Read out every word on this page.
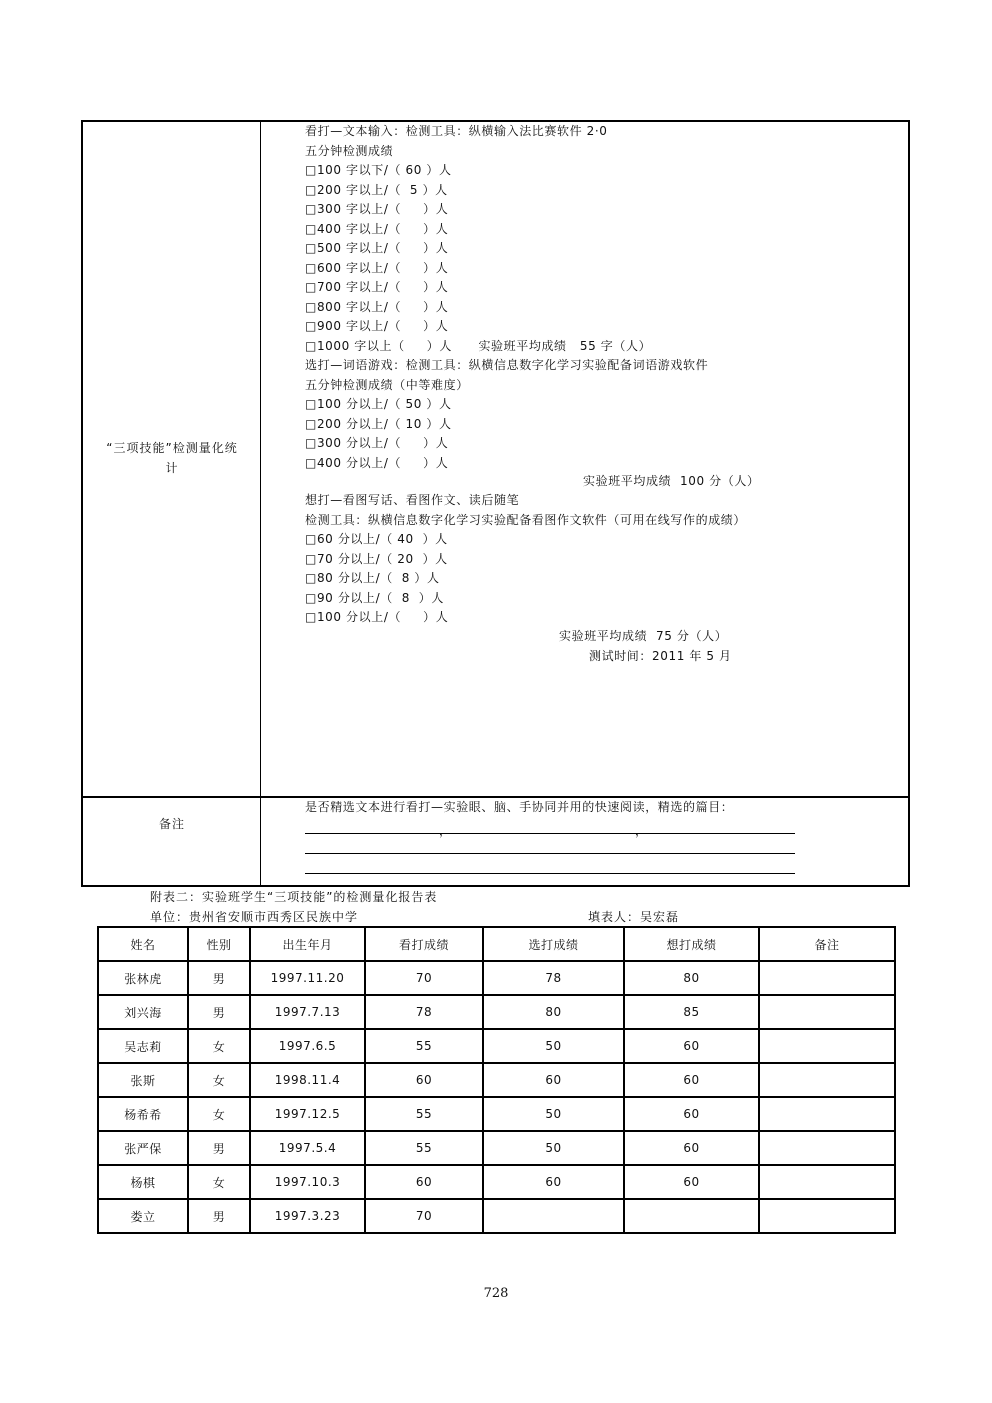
“三项技能”检测量化统
计
看打—文本输入：检测工具：纵横输入法比赛软件 2·0
五分钟检测成绩
□100 字以下/（ 60 ）人
□200 字以上/（  5 ）人
□300 字以上/（     ）人
□400 字以上/（     ）人
□500 字以上/（     ）人
□600 字以上/（     ）人
□700 字以上/（     ）人
□800 字以上/（     ）人
□900 字以上/（     ）人
□1000 字以上（     ）人      实验班平均成绩   55 字（人）
选打—词语游戏：检测工具：纵横信息数字化学习实验配备词语游戏软件
五分钟检测成绩（中等难度）
□100 分以上/（ 50 ）人
□200 分以上/（ 10 ）人
□300 分以上/（     ）人
□400 分以上/（     ）人
实验班平均成绩  100 分（人）
想打—看图写话、看图作文、读后随笔
检测工具：纵横信息数字化学习实验配备看图作文软件（可用在线写作的成绩）
□60 分以上/（ 40  ）人
□70 分以上/（ 20  ）人
□80 分以上/（  8 ）人
□90 分以上/（  8  ）人
□100 分以上/（     ）人
实验班平均成绩  75 分（人）
测试时间：2011 年 5 月
备注
是否精选文本进行看打—实验眼、脑、手协同并用的快速阅读，精选的篇目：
，	，
附表二：实验班学生“三项技能”的检测量化报告表
单位：贵州省安顺市西秀区民族中学	填表人：吴宏磊
姓名	性别	出生年月	看打成绩	选打成绩	想打成绩	备注
张林虎	男	1997.11.20	70	78	80	
刘兴海	男	1997.7.13	78	80	85	
吴志莉	女	1997.6.5	55	50	60	
张斯	女	1998.11.4	60	60	60	
杨希希	女	1997.12.5	55	50	60	
张严保	男	1997.5.4	55	50	60	
杨棋	女	1997.10.3	60	60	60	
娄立	男	1997.3.23	70			
728
